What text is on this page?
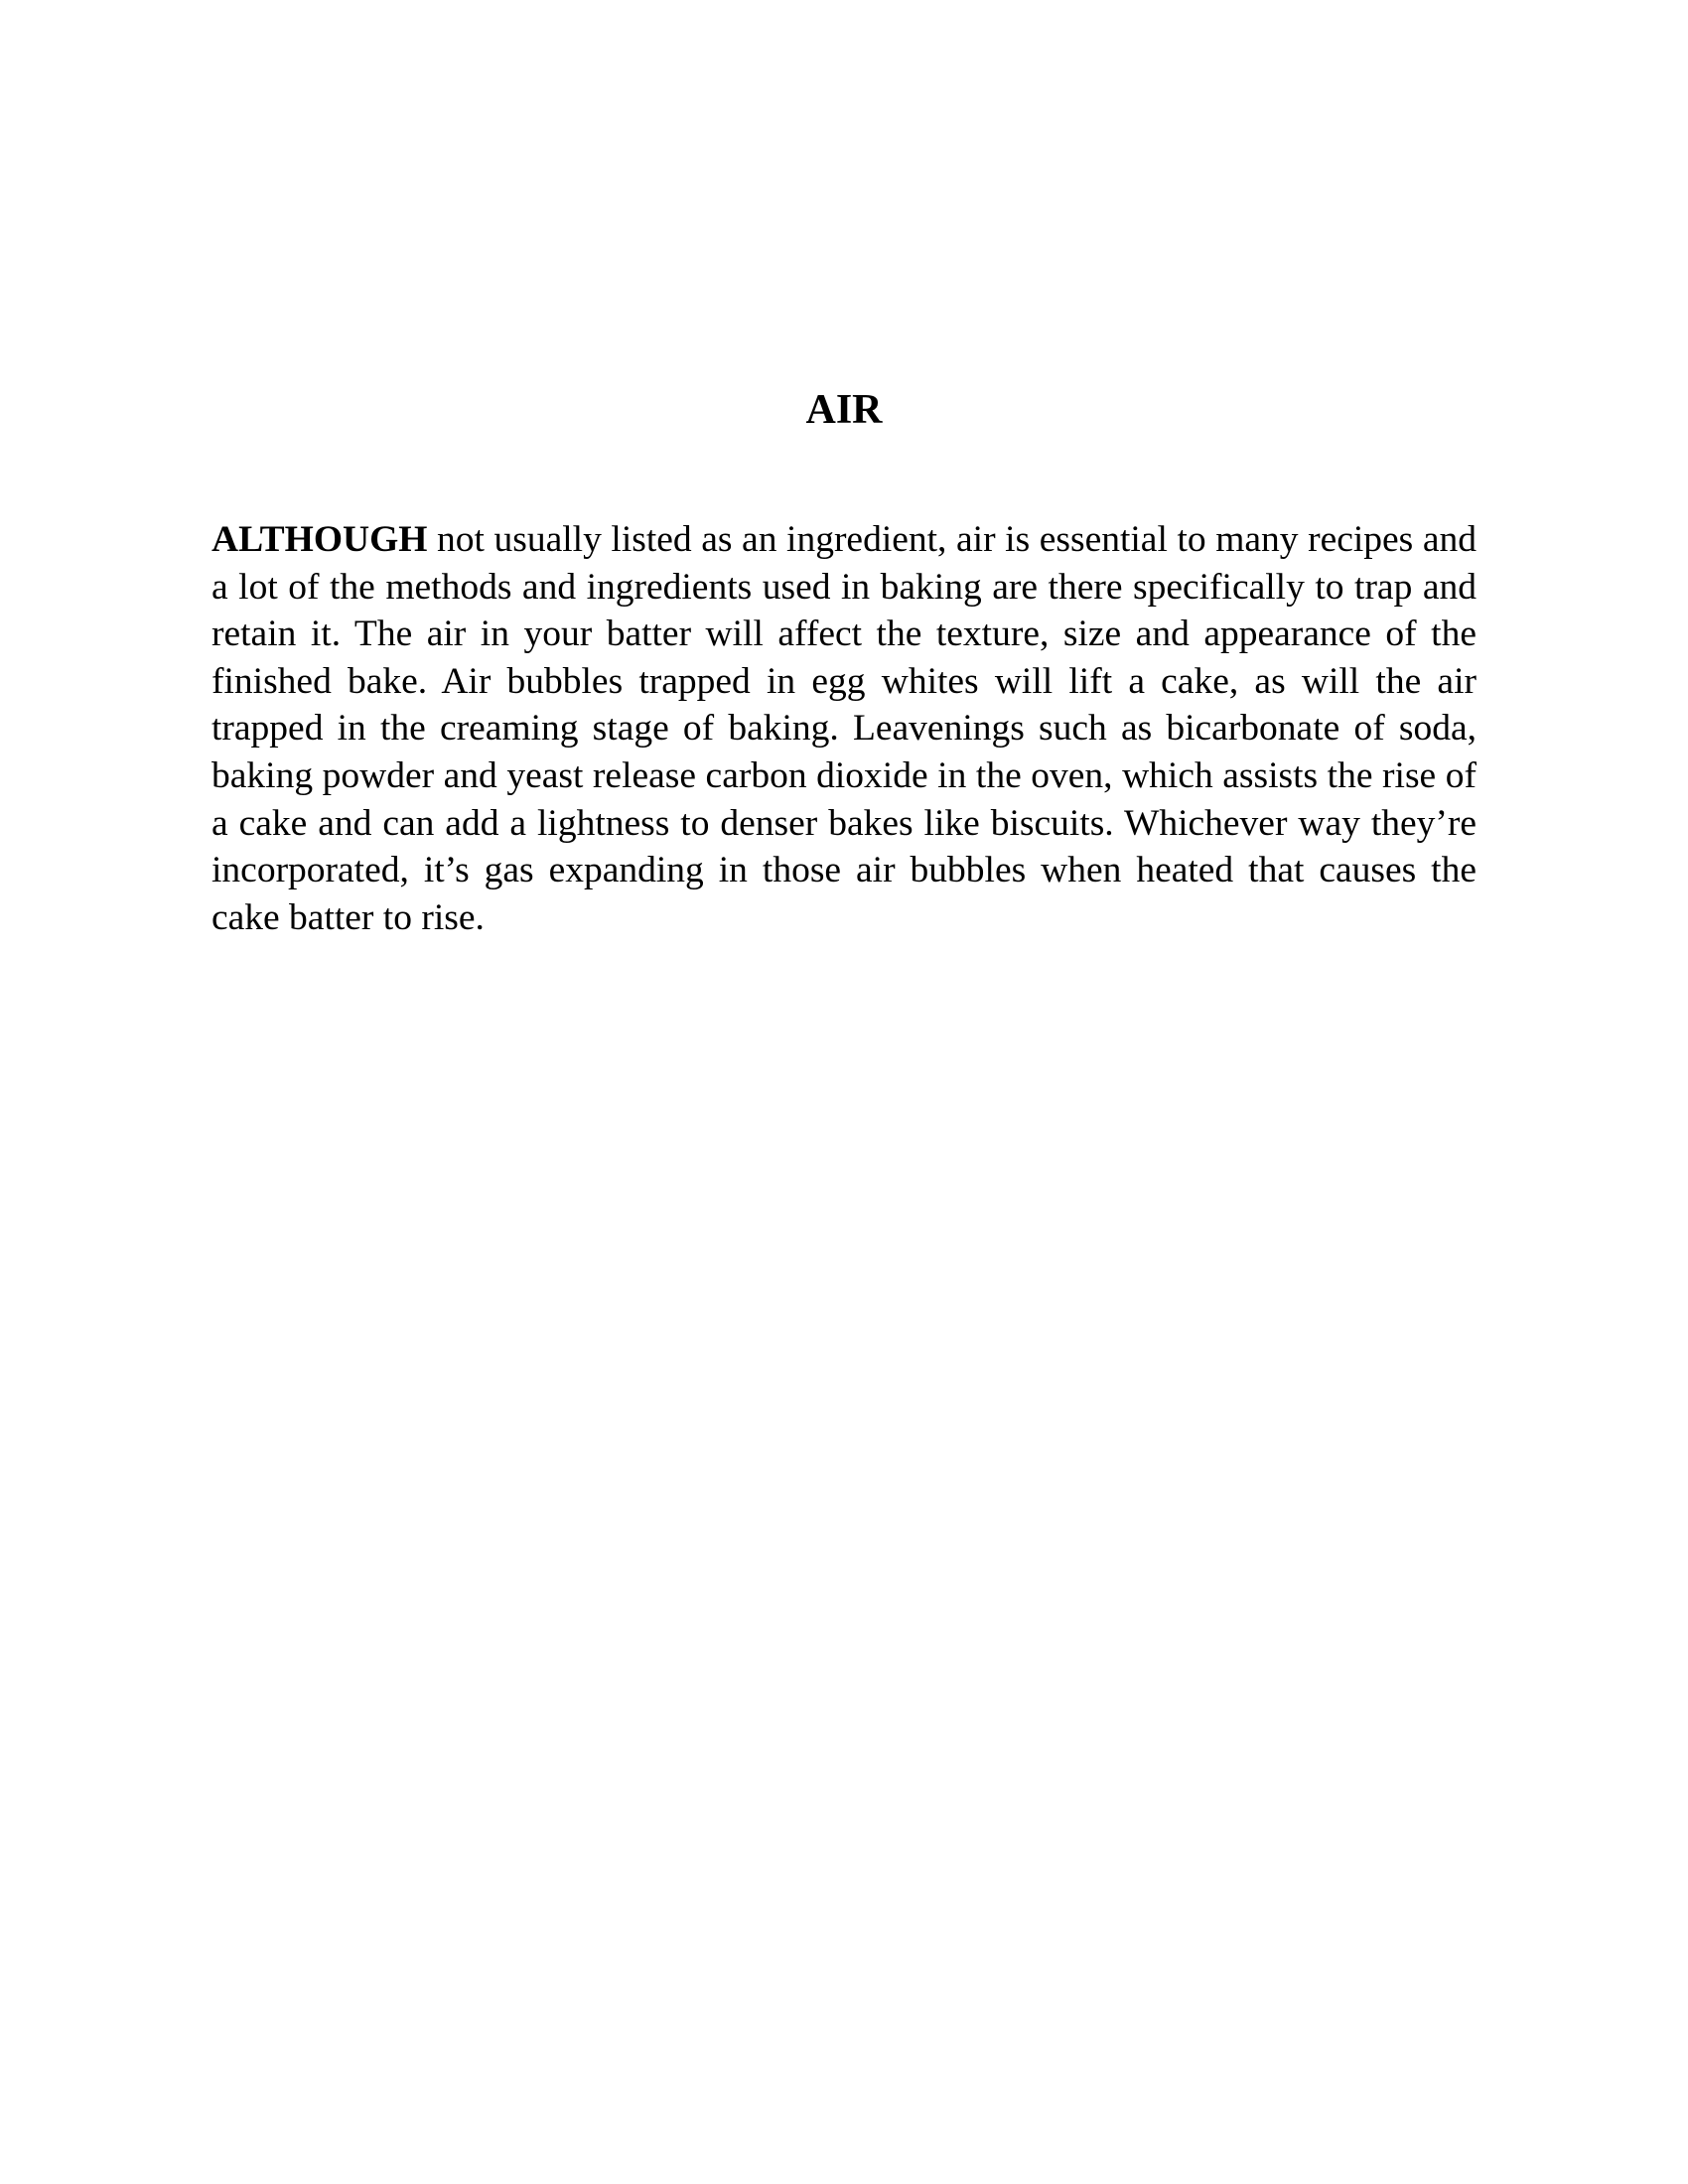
AIR

ALTHOUGH not usually listed as an ingredient, air is essential to many recipes and a lot of the methods and ingredients used in baking are there specifically to trap and retain it. The air in your batter will affect the texture, size and appearance of the finished bake. Air bubbles trapped in egg whites will lift a cake, as will the air trapped in the creaming stage of baking. Leavenings such as bicarbonate of soda, baking powder and yeast release carbon dioxide in the oven, which assists the rise of a cake and can add a lightness to denser bakes like biscuits. Whichever way they’re incorporated, it’s gas expanding in those air bubbles when heated that causes the cake batter to rise.
